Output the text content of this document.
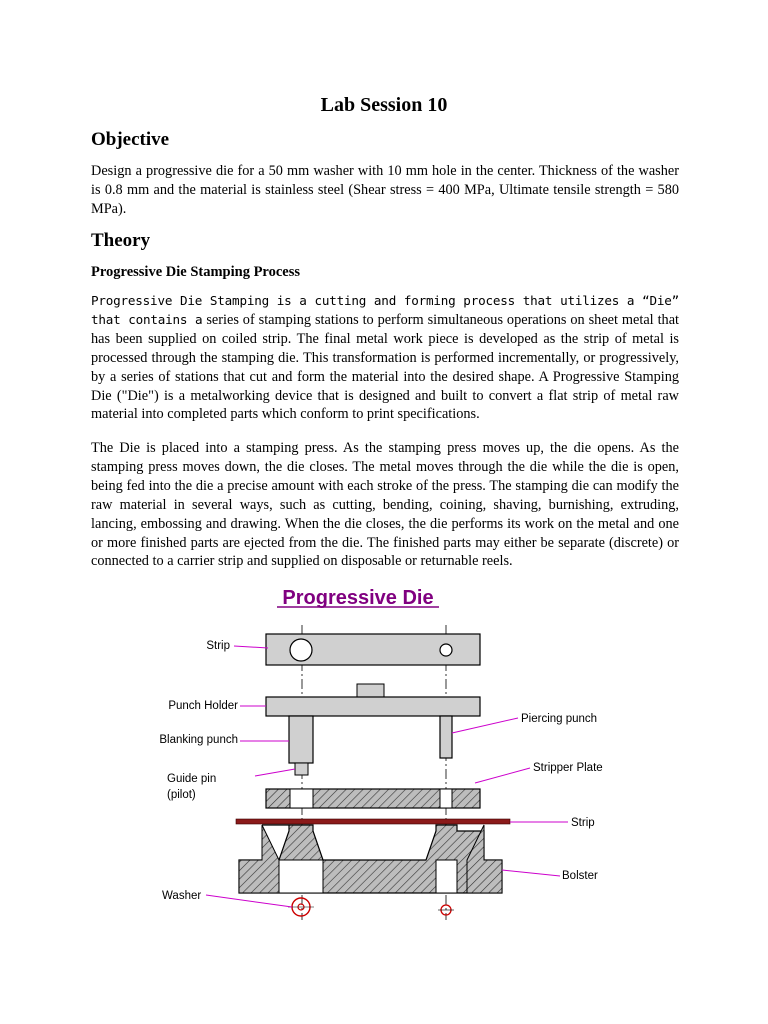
Lab Session 10
Objective

Design a progressive die for a 50 mm washer with 10 mm hole in the center. Thickness of the washer is 0.8 mm and the material is stainless steel (Shear stress = 400 MPa, Ultimate tensile strength = 580 MPa).

Theory
Progressive Die Stamping Process

Progressive Die Stamping is a cutting and forming process that utilizes a “Die” that contains a series of stamping stations to perform simultaneous operations on sheet metal that has been supplied on coiled strip. The final metal work piece is developed as the strip of metal is processed through the stamping die. This transformation is performed incrementally, or progressively, by a series of stations that cut and form the material into the desired shape. A Progressive Stamping Die ("Die") is a metalworking device that is designed and built to convert a flat strip of metal raw material into completed parts which conform to print specifications.

The Die is placed into a stamping press. As the stamping press moves up, the die opens. As the stamping press moves down, the die closes. The metal moves through the die while the die is open, being fed into the die a precise amount with each stroke of the press. The stamping die can modify the raw material in several ways, such as cutting, bending, coining, shaving, burnishing, extruding, lancing, embossing and drawing. When the die closes, the die performs its work on the metal and one or more finished parts are ejected from the die. The finished parts may either be separate (discrete) or connected to a carrier strip and supplied on disposable or returnable reels.

Progressive Die
Strip
Punch Holder
Blanking punch
Guide pin
(pilot)
Washer
Piercing punch
Stripper Plate
Strip
Bolster
